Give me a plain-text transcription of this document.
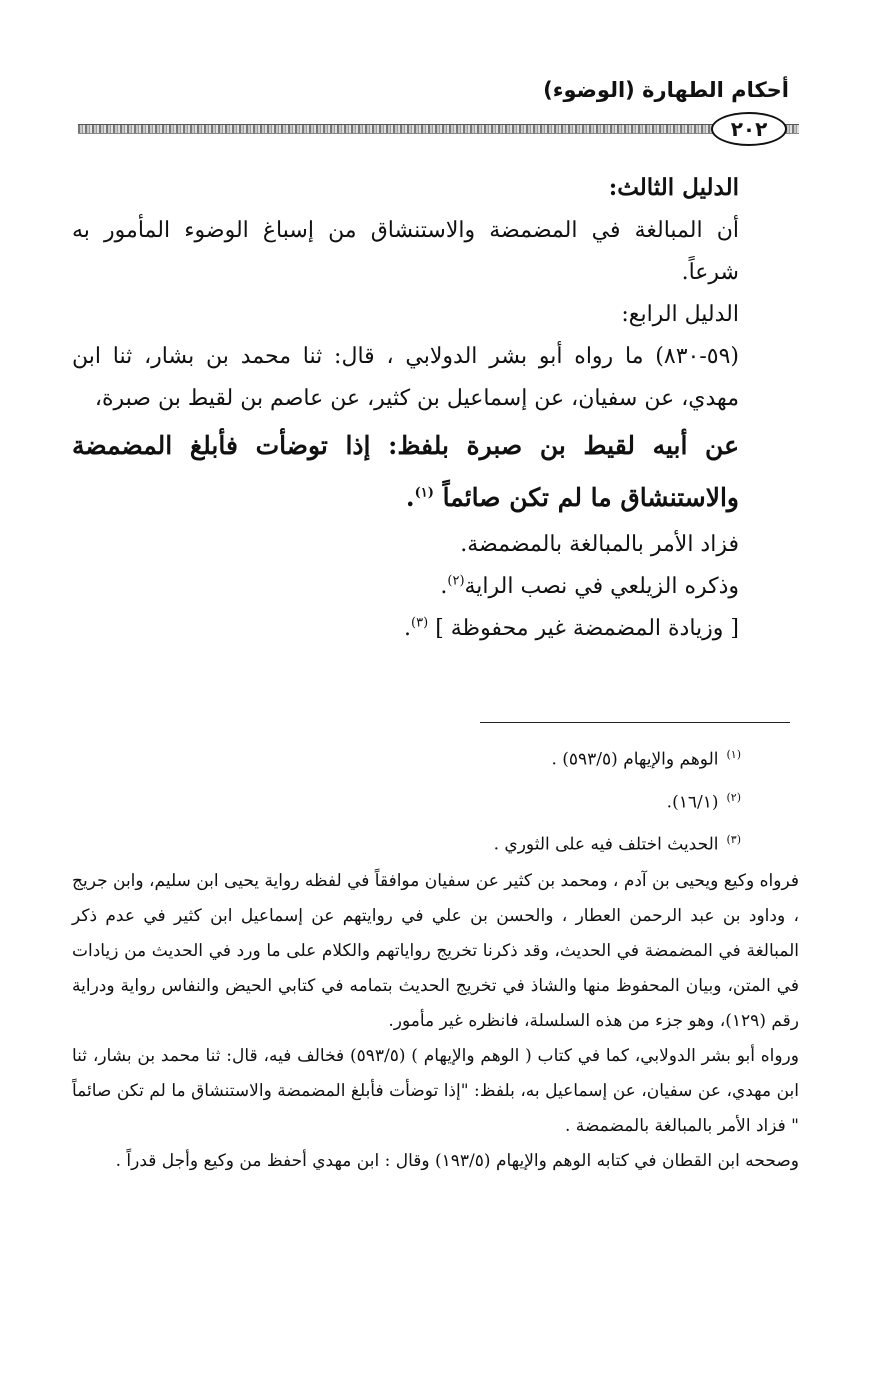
أحكام الطهارة (الوضوء)
٢٠٢

الدليل الثالث:

أن المبالغة في المضمضة والاستنشاق من إسباغ الوضوء المأمور به شرعاً.

الدليل الرابع:

(٥٩-٨٣٠) ما رواه أبو بشر الدولابي ، قال: ثنا محمد بن بشار، ثنا ابن مهدي، عن سفيان، عن إسماعيل بن كثير، عن عاصم بن لقيط بن صبرة،

عن أبيه لقيط بن صبرة بلفظ: إذا توضأت فأبلغ المضمضة والاستنشاق ما لم تكن صائماً $^{(١)}$.

فزاد الأمر بالمبالغة بالمضمضة.

وذكره الزيلعي في نصب الراية$^{(٢)}$.

[ وزيادة المضمضة غير محفوظة ] $^{(٣)}$.

$^{(١)}$الوهم والإيهام (٥٩٣/٥) .

$^{(٢)}$(١٦/١).

$^{(٣)}$الحديث اختلف فيه على الثوري .

فرواه وكيع ويحيى بن آدم ، ومحمد بن كثير عن سفيان موافقاً في لفظه رواية يحيى ابن سليم، وابن جريج ، وداود بن عبد الرحمن العطار ، والحسن بن علي في روايتهم عن إسماعيل ابن كثير في عدم ذكر المبالغة في المضمضة في الحديث، وقد ذكرنا تخريج رواياتهم والكلام على ما ورد في الحديث من زيادات في المتن، وبيان المحفوظ منها والشاذ في تخريج الحديث بتمامه في كتابي الحيض والنفاس رواية ودراية رقم (١٢٩)، وهو جزء من هذه السلسلة، فانظره غير مأمور.

ورواه أبو بشر الدولابي، كما في كتاب ( الوهم والإيهام ) (٥٩٣/٥) فخالف فيه، قال: ثنا محمد بن بشار، ثنا ابن مهدي، عن سفيان، عن إسماعيل به، بلفظ: "إذا توضأت فأبلغ المضمضة والاستنشاق ما لم تكن صائماً " فزاد الأمر بالمبالغة بالمضمضة .

وصححه ابن القطان في كتابه الوهم والإيهام (١٩٣/٥) وقال : ابن مهدي أحفظ من وكيع وأجل قدراً .
